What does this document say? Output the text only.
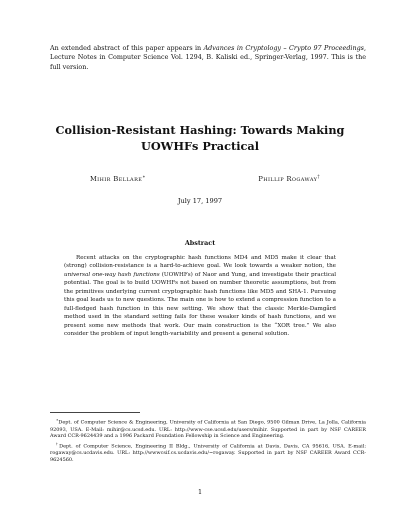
An extended abstract of this paper appears in Advances in Cryptology – Crypto 97 Proceedings, Lecture Notes in Computer Science Vol. 1294, B. Kaliski ed., Springer-Verlag, 1997. This is the full version.
Collision-Resistant Hashing: Towards Making
UOWHFs Practical
Mihir Bellare∗	Phillip Rogaway†
July 17, 1997
Abstract
Recent attacks on the cryptographic hash functions MD4 and MD5 make it clear that (strong) collision-resistance is a hard-to-achieve goal. We look towards a weaker notion, the universal one-way hash functions (UOWHFs) of Naor and Yung, and investigate their practical potential. The goal is to build UOWHFs not based on number theoretic assumptions, but from the primitives underlying current cryptographic hash functions like MD5 and SHA-1. Pursuing this goal leads us to new questions. The main one is how to extend a compression function to a full-fledged hash function in this new setting. We show that the classic Merkle-Damgård method used in the standard setting fails for these weaker kinds of hash functions, and we present some new methods that work. Our main construction is the “XOR tree.” We also consider the problem of input length-variability and present a general solution.
∗Dept. of Computer Science & Engineering, University of California at San Diego, 9500 Gilman Drive, La Jolla, California 92093, USA. E-Mail: mihir@cs.ucsd.edu. URL: http://www-cse.ucsd.edu/users/mihir. Supported in part by NSF CAREER Award CCR-9624439 and a 1996 Packard Foundation Fellowship in Science and Engineering.
†Dept. of Computer Science, Engineering II Bldg., University of California at Davis, Davis, CA 95616, USA. E-mail: rogaway@cs.ucdavis.edu. URL: http://wwwcsif.cs.ucdavis.edu/~rogaway. Supported in part by NSF CAREER Award CCR-9624560.
1
